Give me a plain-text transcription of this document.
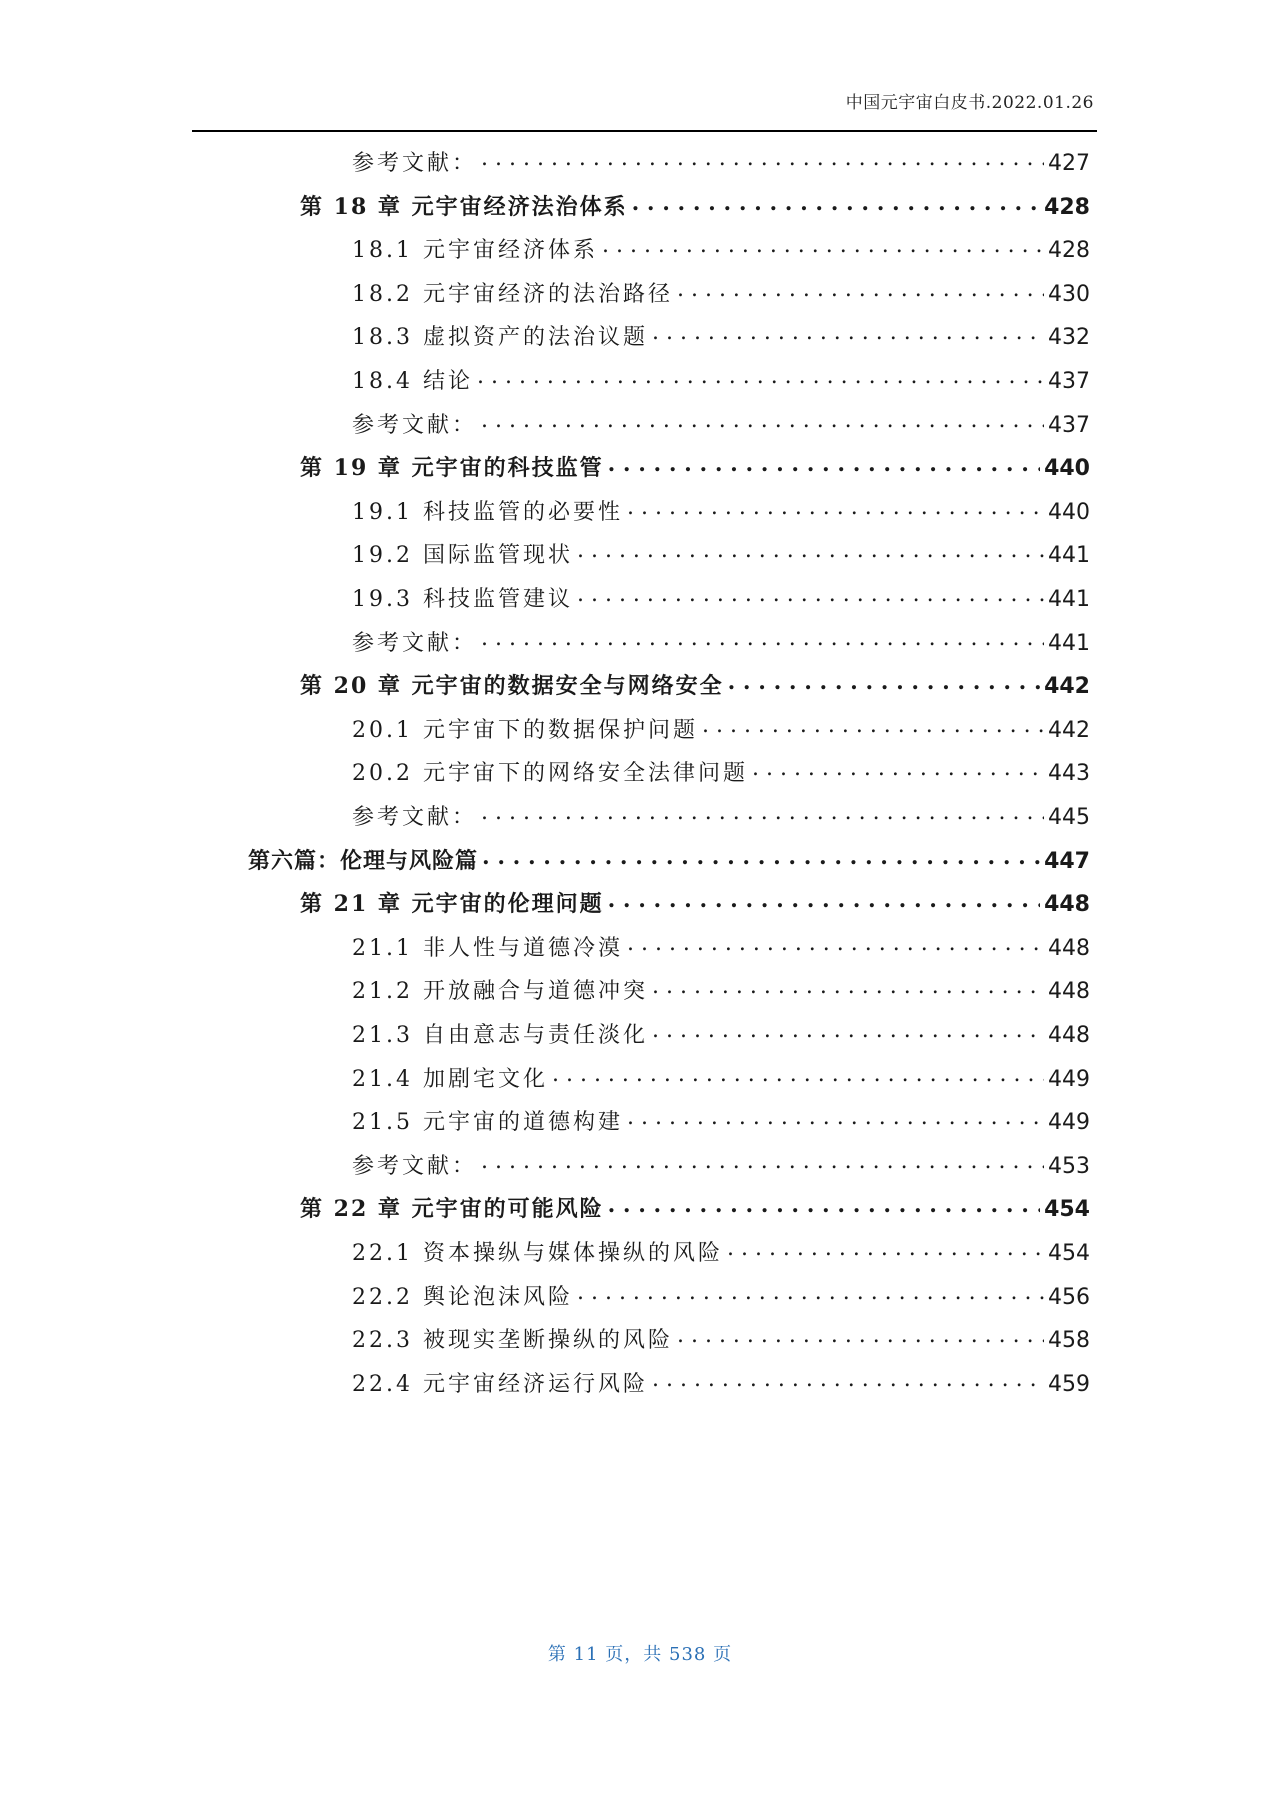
中国元宇宙白皮书.2022.01.26
参考文献： . . .	427
第 18 章 元宇宙经济法治体系 . . .	428
18.1 元宇宙经济体系 . . .	428
18.2 元宇宙经济的法治路径 . . .	430
18.3 虚拟资产的法治议题 . . .	432
18.4 结论 . . .	437
参考文献： . . .	437
第 19 章 元宇宙的科技监管 . . .	440
19.1 科技监管的必要性 . . .	440
19.2 国际监管现状 . . .	441
19.3 科技监管建议 . . .	441
参考文献： . . .	441
第 20 章 元宇宙的数据安全与网络安全 . . .	442
20.1 元宇宙下的数据保护问题 . . .	442
20.2 元宇宙下的网络安全法律问题 . . .	443
参考文献： . . .	445
第六篇：伦理与风险篇 . . .	447
第 21 章 元宇宙的伦理问题 . . .	448
21.1 非人性与道德冷漠 . . .	448
21.2 开放融合与道德冲突 . . .	448
21.3 自由意志与责任淡化 . . .	448
21.4 加剧宅文化 . . .	449
21.5 元宇宙的道德构建 . . .	449
参考文献： . . .	453
第 22 章 元宇宙的可能风险 . . .	454
22.1 资本操纵与媒体操纵的风险 . . .	454
22.2 舆论泡沫风险 . . .	456
22.3 被现实垄断操纵的风险 . . .	458
22.4 元宇宙经济运行风险 . . .	459
第 11 页，共 538 页
